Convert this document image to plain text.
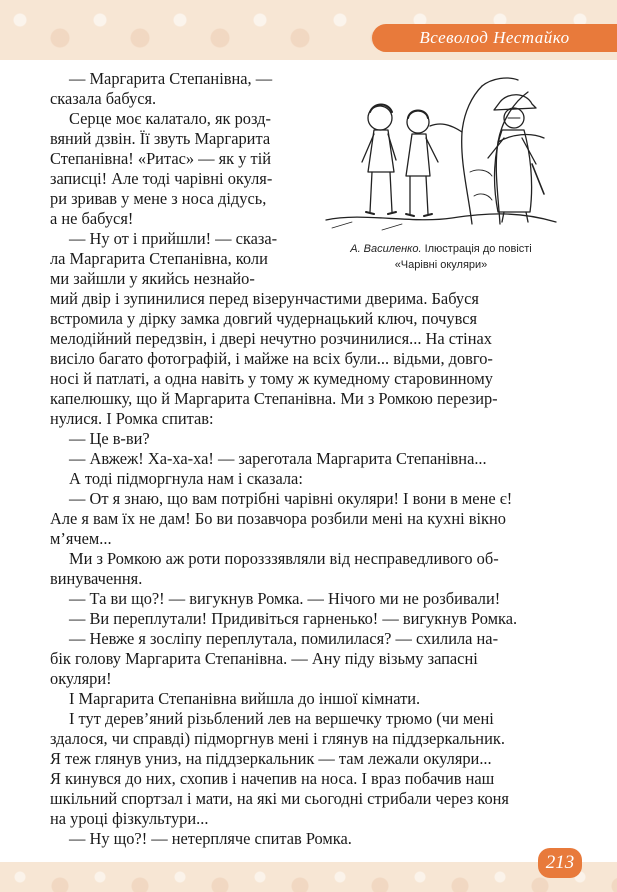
Всеволод Нестайко

— Маргарита Степанівна, —

сказала бабуся.

Серце моє калатало, як розд-

вяний дзвін. Її звуть Маргарита

Степанівна! «Ритас» — як у тій

записці! Але тоді чарівні окуля-

ри зривав у мене з носа дідусь,

а не бабуся!

— Ну от і прийшли! — сказа-

ла Маргарита Степанівна, коли

ми зайшли у якийсь незнайо-

мий двір і зупинилися перед візерунчастими дверима. Бабуся

встромила у дірку замка довгий чудернацький ключ, почувся

мелодійний передзвін, і двері нечутно розчинилися... На стінах

висіло багато фотографій, і майже на всіх були... відьми, довго-

носі й патлаті, а одна навіть у тому ж кумедному старовинному

капелюшку, що й Маргарита Степанівна. Ми з Ромкою перезир-

нулися. І Ромка спитав:

— Це в-ви?

— Авжеж! Ха-ха-ха! — зареготала Маргарита Степанівна...

А тоді підморгнула нам і сказала:

— От я знаю, що вам потрібні чарівні окуляри! І вони в мене є!

Але я вам їх не дам! Бо ви позавчора розбили мені на кухні вікно

м’ячем...

Ми з Ромкою аж роти порозззявляли від несправедливого об-

винувачення.

— Та ви що?! — вигукнув Ромка. — Нічого ми не розбивали!

— Ви переплутали! Придивіться гарненько! — вигукнув Ромка.

— Невже я зосліпу переплутала, помилилася? — схилила на-

бік голову Маргарита Степанівна. — Ану піду візьму запасні

окуляри!

І Маргарита Степанівна вийшла до іншої кімнати.

І тут дерев’яний різьблений лев на вершечку трюмо (чи мені

здалося, чи справді) підморгнув мені і глянув на піддзеркальник.

Я теж глянув униз, на піддзеркальник — там лежали окуляри...

Я кинувся до них, схопив і начепив на носа. І враз побачив наш

шкільний спортзал і мати, на які ми сьогодні стрибали через коня

на уроці фізкультури...

— Ну що?! — нетерпляче спитав Ромка.

А. Василенко. Ілюстрація до повісті
«Чарівні окуляри»
213
